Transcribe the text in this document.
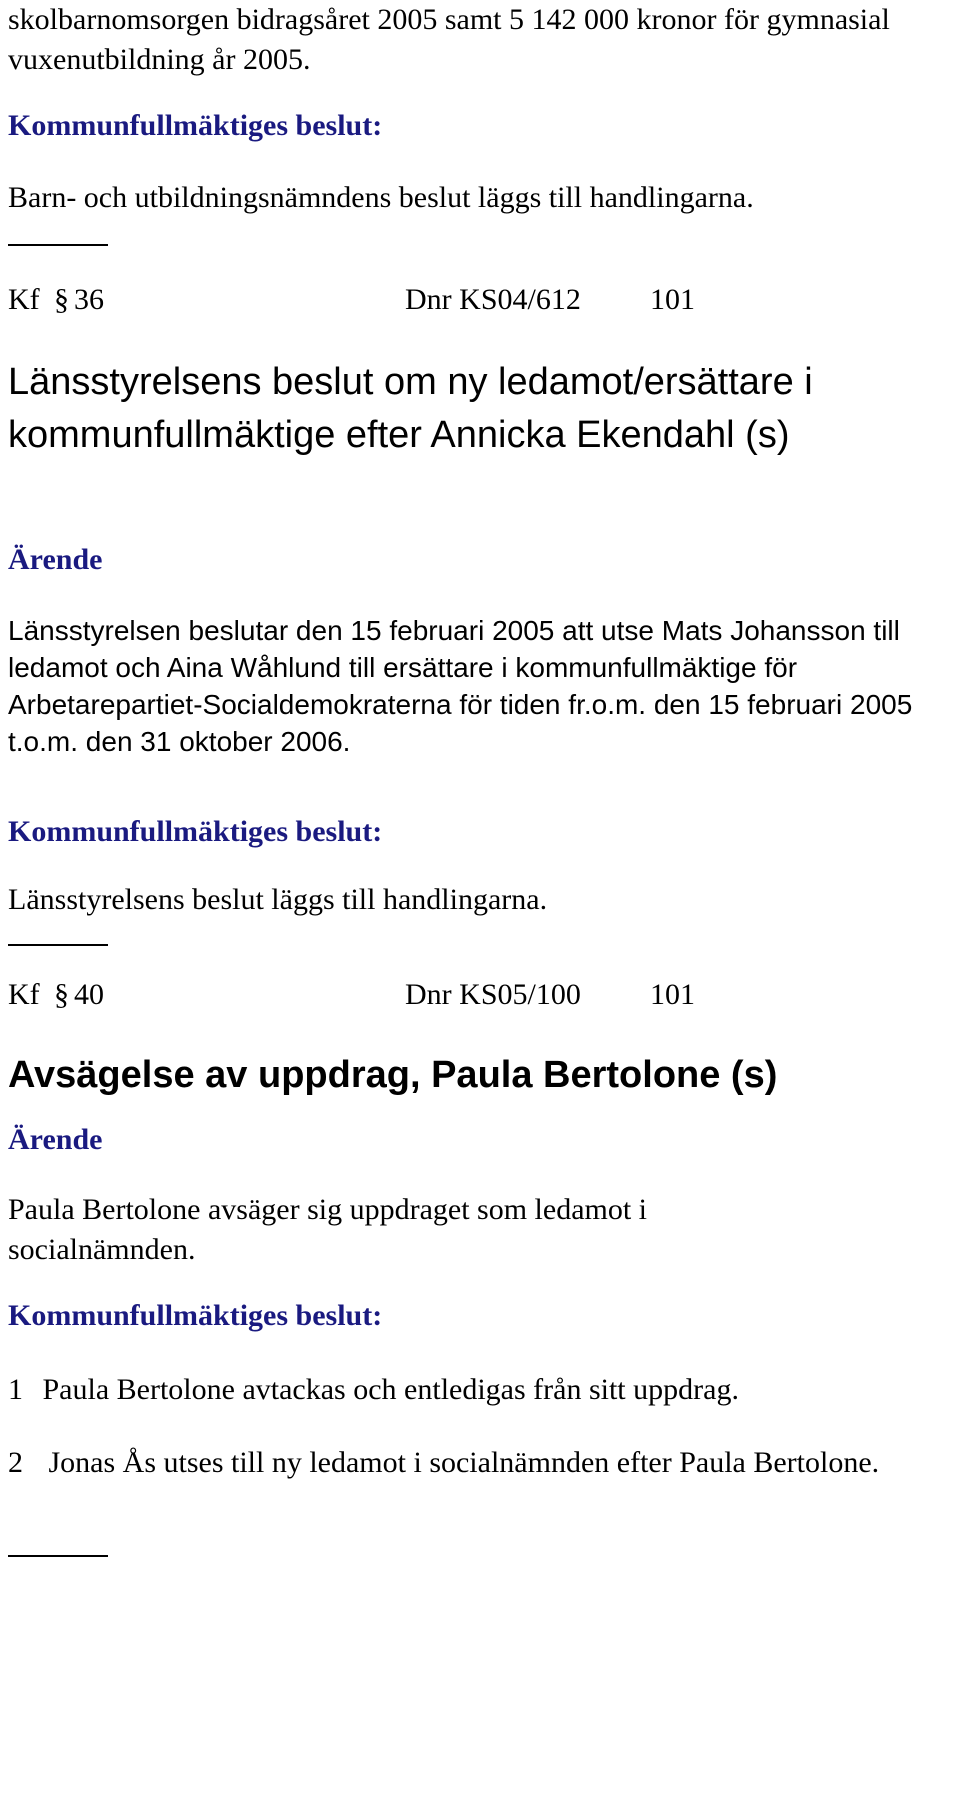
skolbarnomsorgen bidragsåret 2005 samt 5 142 000 kronor för gymnasial vuxenutbildning år 2005.

Kommunfullmäktiges beslut:
Barn- och utbildningsnämndens beslut läggs till handlingarna.
Kf § 36	Dnr KS04/612 101
Länsstyrelsens beslut om ny ledamot/ersättare i kommunfullmäktige efter Annicka Ekendahl (s)
Ärende

Länsstyrelsen beslutar den 15 februari 2005 att utse Mats Johansson till ledamot och Aina Wåhlund till ersättare i kommunfullmäktige för Arbetarepartiet-Socialdemokraterna för tiden fr.o.m. den 15 februari 2005 t.o.m. den 31 oktober 2006.

Kommunfullmäktiges beslut:
Länsstyrelsens beslut läggs till handlingarna.
Kf § 40	Dnr KS05/100 101
Avsägelse av uppdrag, Paula Bertolone (s)
Ärende

Paula Bertolone avsäger sig uppdraget som ledamot i socialnämnden.

Kommunfullmäktiges beslut:
1 Paula Bertolone avtackas och entledigas från sitt uppdrag.
2 Jonas Ås utses till ny ledamot i socialnämnden efter Paula Bertolone.
